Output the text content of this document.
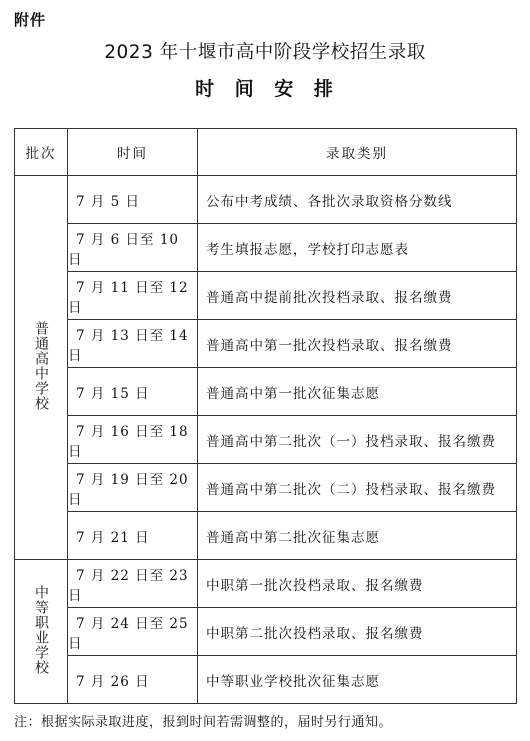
附件
2023 年十堰市高中阶段学校招生录取
时 间 安 排
批次	时间	录取类别
普通高中学校	7 月 5 日	公布中考成绩、各批次录取资格分数线
	7 月 6 日至 10 日	考生填报志愿，学校打印志愿表
	7 月 11 日至 12 日	普通高中提前批次投档录取、报名缴费
	7 月 13 日至 14 日	普通高中第一批次投档录取、报名缴费
	7 月 15 日	普通高中第一批次征集志愿
	7 月 16 日至 18 日	普通高中第二批次（一）投档录取、报名缴费
	7 月 19 日至 20 日	普通高中第二批次（二）投档录取、报名缴费
	7 月 21 日	普通高中第二批次征集志愿
中等职业学校	7 月 22 日至 23 日	中职第一批次投档录取、报名缴费
	7 月 24 日至 25 日	中职第二批次投档录取、报名缴费
	7 月 26 日	中等职业学校批次征集志愿
注：根据实际录取进度，报到时间若需调整的，届时另行通知。
